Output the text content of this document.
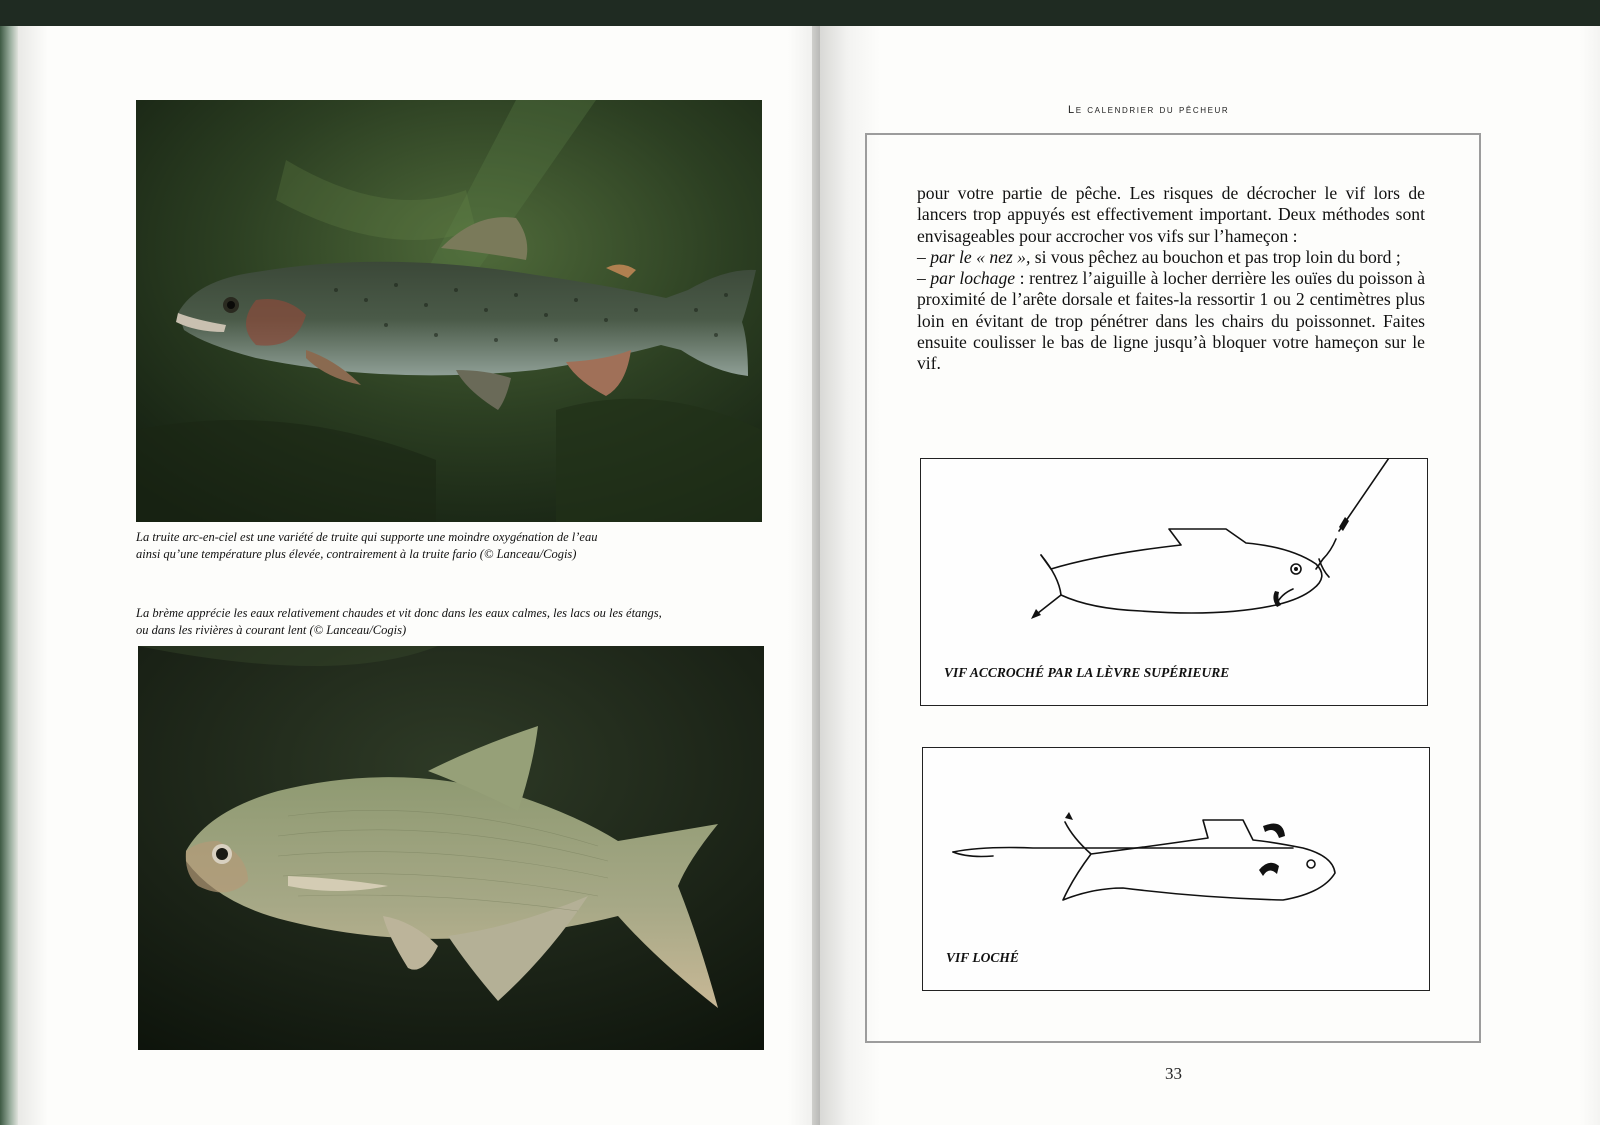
La truite arc-en-ciel est une variété de truite qui supporte une moindre oxygénation de l’eau
ainsi qu’une température plus élevée, contrairement à la truite fario (© Lanceau/Cogis)

La brème apprécie les eaux relativement chaudes et vit donc dans les eaux calmes, les lacs ou les étangs,
ou dans les rivières à courant lent (© Lanceau/Cogis)

Le calendrier du pêcheur

pour votre partie de pêche. Les risques de décrocher le vif lors de lancers trop appuyés est effectivement important. Deux méthodes sont envisageables pour accrocher vos vifs sur l’hameçon :

– par le « nez », si vous pêchez au bouchon et pas trop loin du bord ;

– par lochage : rentrez l’aiguille à locher derrière les ouïes du poisson à proximité de l’arête dorsale et faites-la ressortir 1 ou 2 centimètres plus loin en évitant de trop pénétrer dans les chairs du poissonnet. Faites ensuite coulisser le bas de ligne jusqu’à bloquer votre hameçon sur le vif.

VIF ACCROCHÉ PAR LA LÈVRE SUPÉRIEURE

VIF LOCHÉ

33
